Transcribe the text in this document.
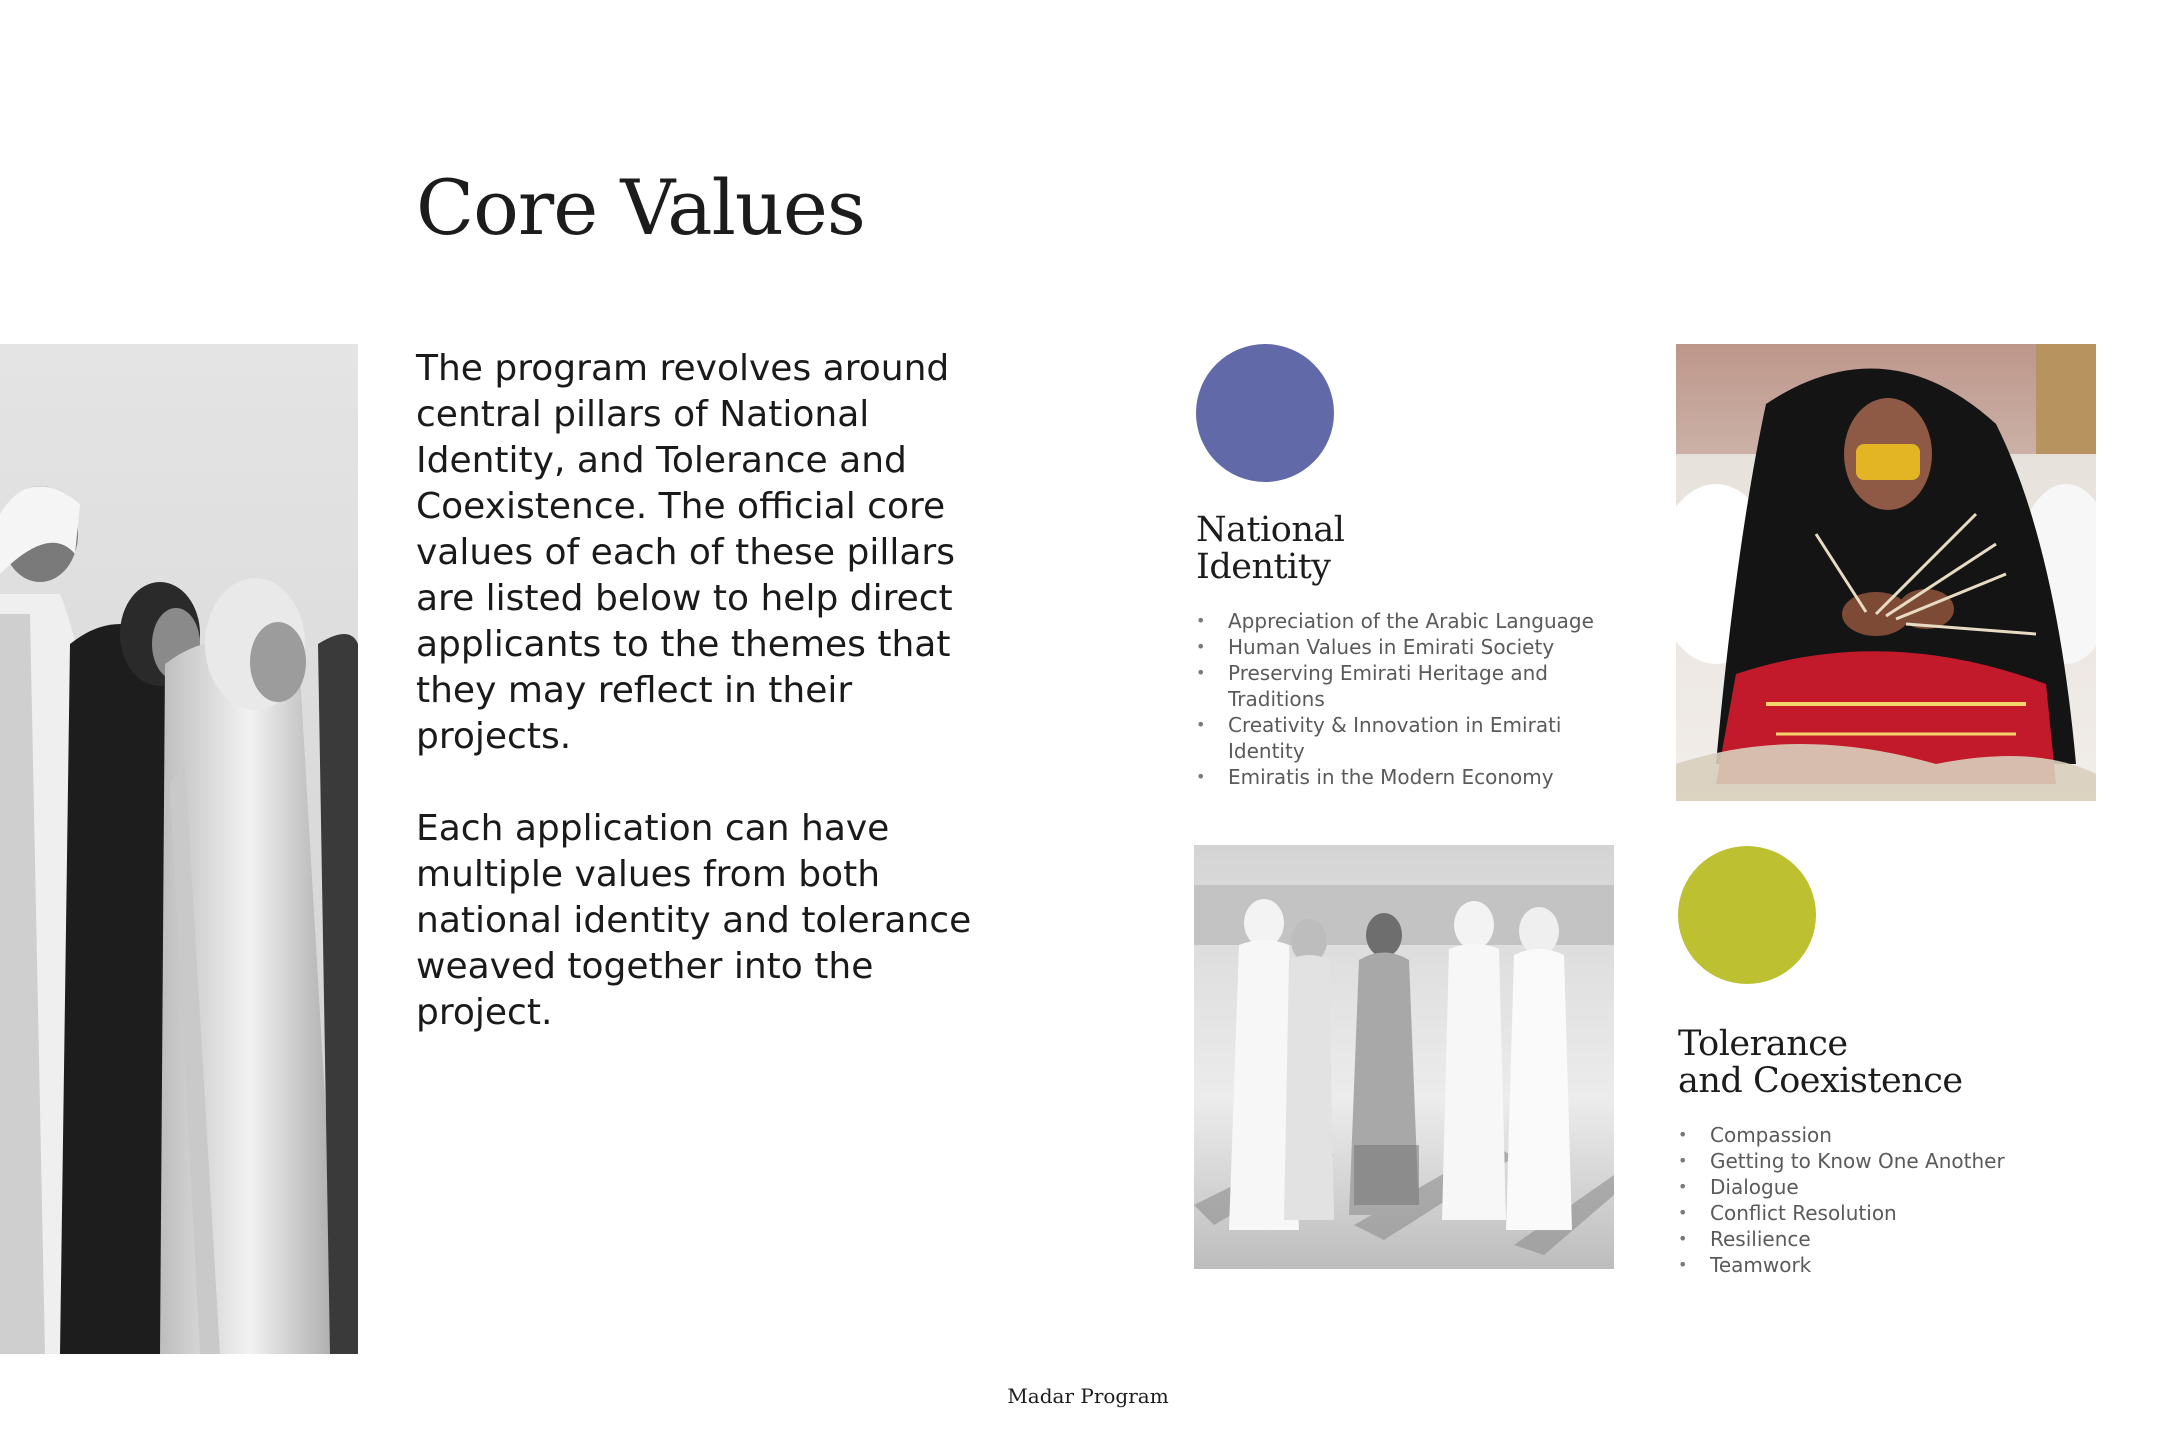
Core Values

The program revolves around central pillars of National Identity, and Tolerance and Coexistence. The official core values of each of these pillars are listed below to help direct applicants to the themes that they may reflect in their projects.

Each application can have multiple values from both national identity and tolerance weaved together into the project.

National
Identity
• Appreciation of the Arabic Language
• Human Values in Emirati Society
• Preserving Emirati Heritage and Traditions
• Creativity & Innovation in Emirati Identity
• Emiratis in the Modern Economy
Tolerance
and Coexistence
• Compassion
• Getting to Know One Another
• Dialogue
• Conflict Resolution
• Resilience
• Teamwork
Madar Program
